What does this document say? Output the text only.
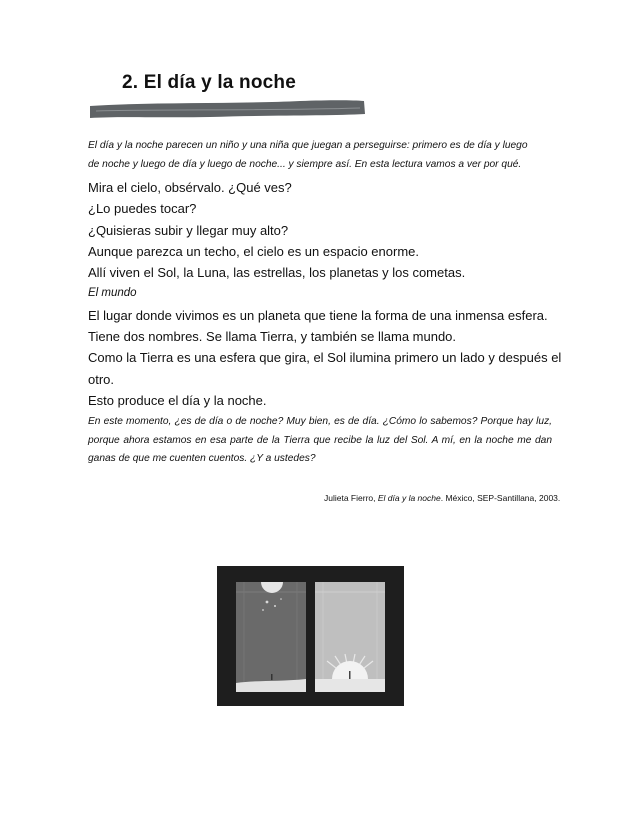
2. El día y la noche

El día y la noche parecen un niño y una niña que juegan a perseguirse: primero es de día y luego

de noche y luego de día y luego de noche... y siempre así. En esta lectura vamos a ver por qué.

Mira el cielo, obsérvalo. ¿Qué ves?

¿Lo puedes tocar?

¿Quisieras subir y llegar muy alto?

Aunque parezca un techo, el cielo es un espacio enorme.

Allí viven el Sol, la Luna, las estrellas, los planetas y los cometas.

El mundo

El lugar donde vivimos es un planeta que tiene la forma de una inmensa esfera.

Tiene dos nombres. Se llama Tierra, y también se llama mundo.

Como la Tierra es una esfera que gira, el Sol ilumina primero un lado y después el otro.

Esto produce el día y la noche.

En este momento, ¿es de día o de noche? Muy bien, es de día. ¿Cómo lo sabemos? Porque hay luz, porque ahora estamos en esa parte de la Tierra que recibe la luz del Sol. A mí, en la noche me dan ganas de que me cuenten cuentos. ¿Y a ustedes?
Julieta Fierro, El día y la noche. México, SEP-Santillana, 2003.
